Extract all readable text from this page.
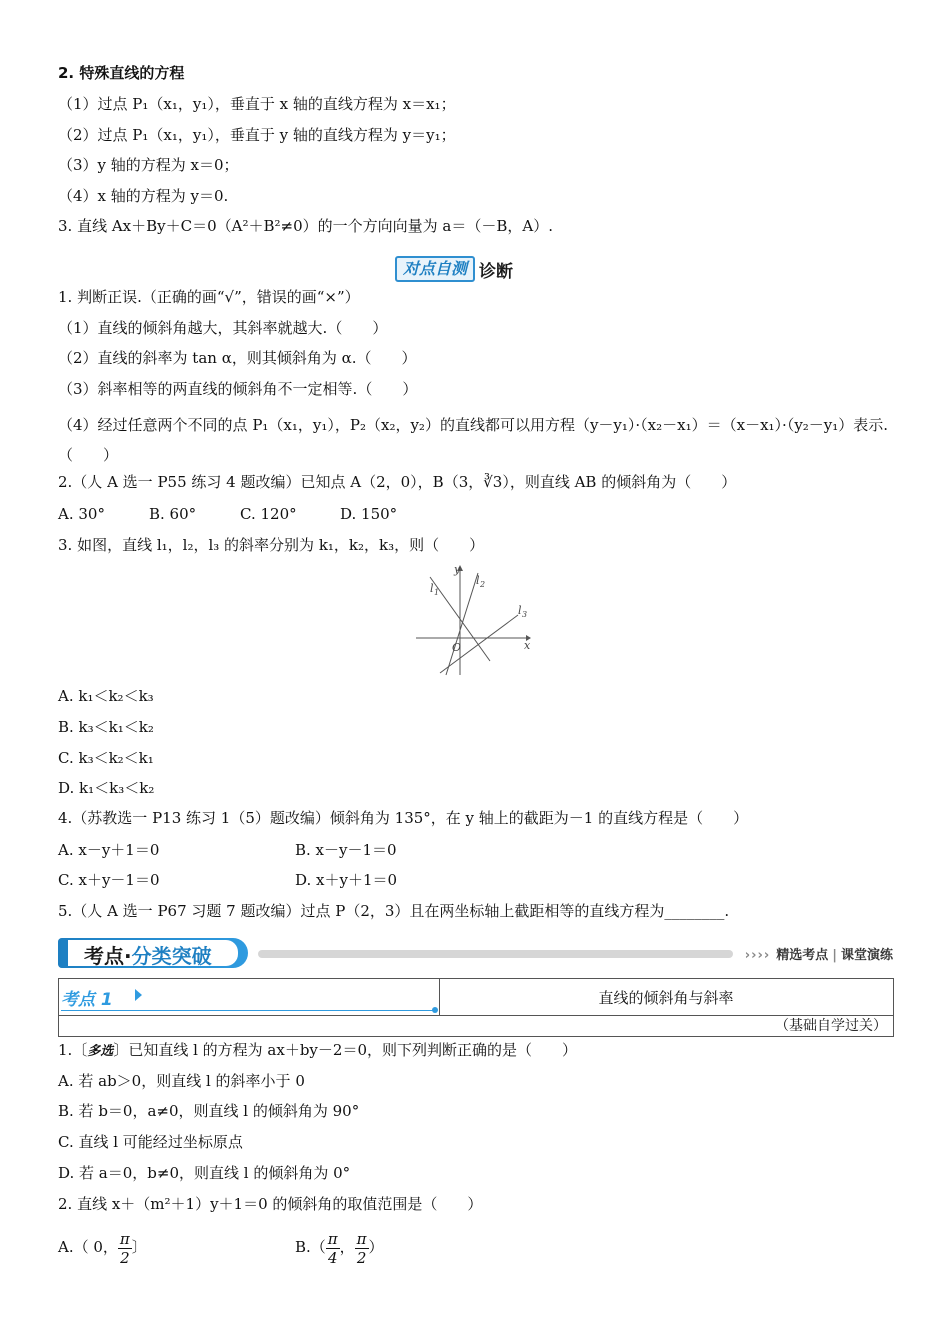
2. 特殊直线的方程
（1）过点 P₁（x₁，y₁），垂直于 x 轴的直线方程为 x＝x₁；
（2）过点 P₁（x₁，y₁），垂直于 y 轴的直线方程为 y＝y₁；
（3）y 轴的方程为 x＝0；
（4）x 轴的方程为 y＝0.
3. 直线 Ax＋By＋C＝0（A²＋B²≠0）的一个方向向量为 a＝（－B，A）.
对点自测 诊断
1. 判断正误.（正确的画“√”，错误的画“×”）
（1）直线的倾斜角越大，其斜率就越大.（　　）
（2）直线的斜率为 tan α，则其倾斜角为 α.（　　）
（3）斜率相等的两直线的倾斜角不一定相等.（　　）
（4）经过任意两个不同的点 P₁（x₁，y₁），P₂（x₂，y₂）的直线都可以用方程（y－y₁）·（x₂－x₁）＝（x－x₁）·（y₂－y₁）表示.（　　）
2.（人 A 选一 P55 练习 4 题改编）已知点 A（2，0），B（3，∛3），则直线 AB 的倾斜角为（　　）
A. 30°	B. 60°	C. 120°	D. 150°
3. 如图，直线 l₁，l₂，l₃ 的斜率分别为 k₁，k₂，k₃，则（　　）
y
x
O
l 1
l 2
l 3
A. k₁＜k₂＜k₃
B. k₃＜k₁＜k₂
C. k₃＜k₂＜k₁
D. k₁＜k₃＜k₂
4.（苏教选一 P13 练习 1（5）题改编）倾斜角为 135°，在 y 轴上的截距为－1 的直线方程是（　　）
A. x－y＋1＝0	B. x－y－1＝0
C. x＋y－1＝0	D. x＋y＋1＝0
5.（人 A 选一 P67 习题 7 题改编）过点 P（2，3）且在两坐标轴上截距相等的直线方程为________.
考点·分类突破	›››› 精选考点 | 课堂演练
考点 1	直线的倾斜角与斜率
（基础自学过关）
1.〔多选〕已知直线 l 的方程为 ax＋by－2＝0，则下列判断正确的是（　　）
A. 若 ab＞0，则直线 l 的斜率小于 0
B. 若 b＝0，a≠0，则直线 l 的倾斜角为 90°
C. 直线 l 可能经过坐标原点
D. 若 a＝0，b≠0，则直线 l 的倾斜角为 0°
2. 直线 x＋（m²＋1）y＋1＝0 的倾斜角的取值范围是（　　）
A.（ 0， $\frac{\pi}{2}$ 〕	$B.( \frac{\pi}{4}$ ， $\frac{\pi}{2}$ ）
